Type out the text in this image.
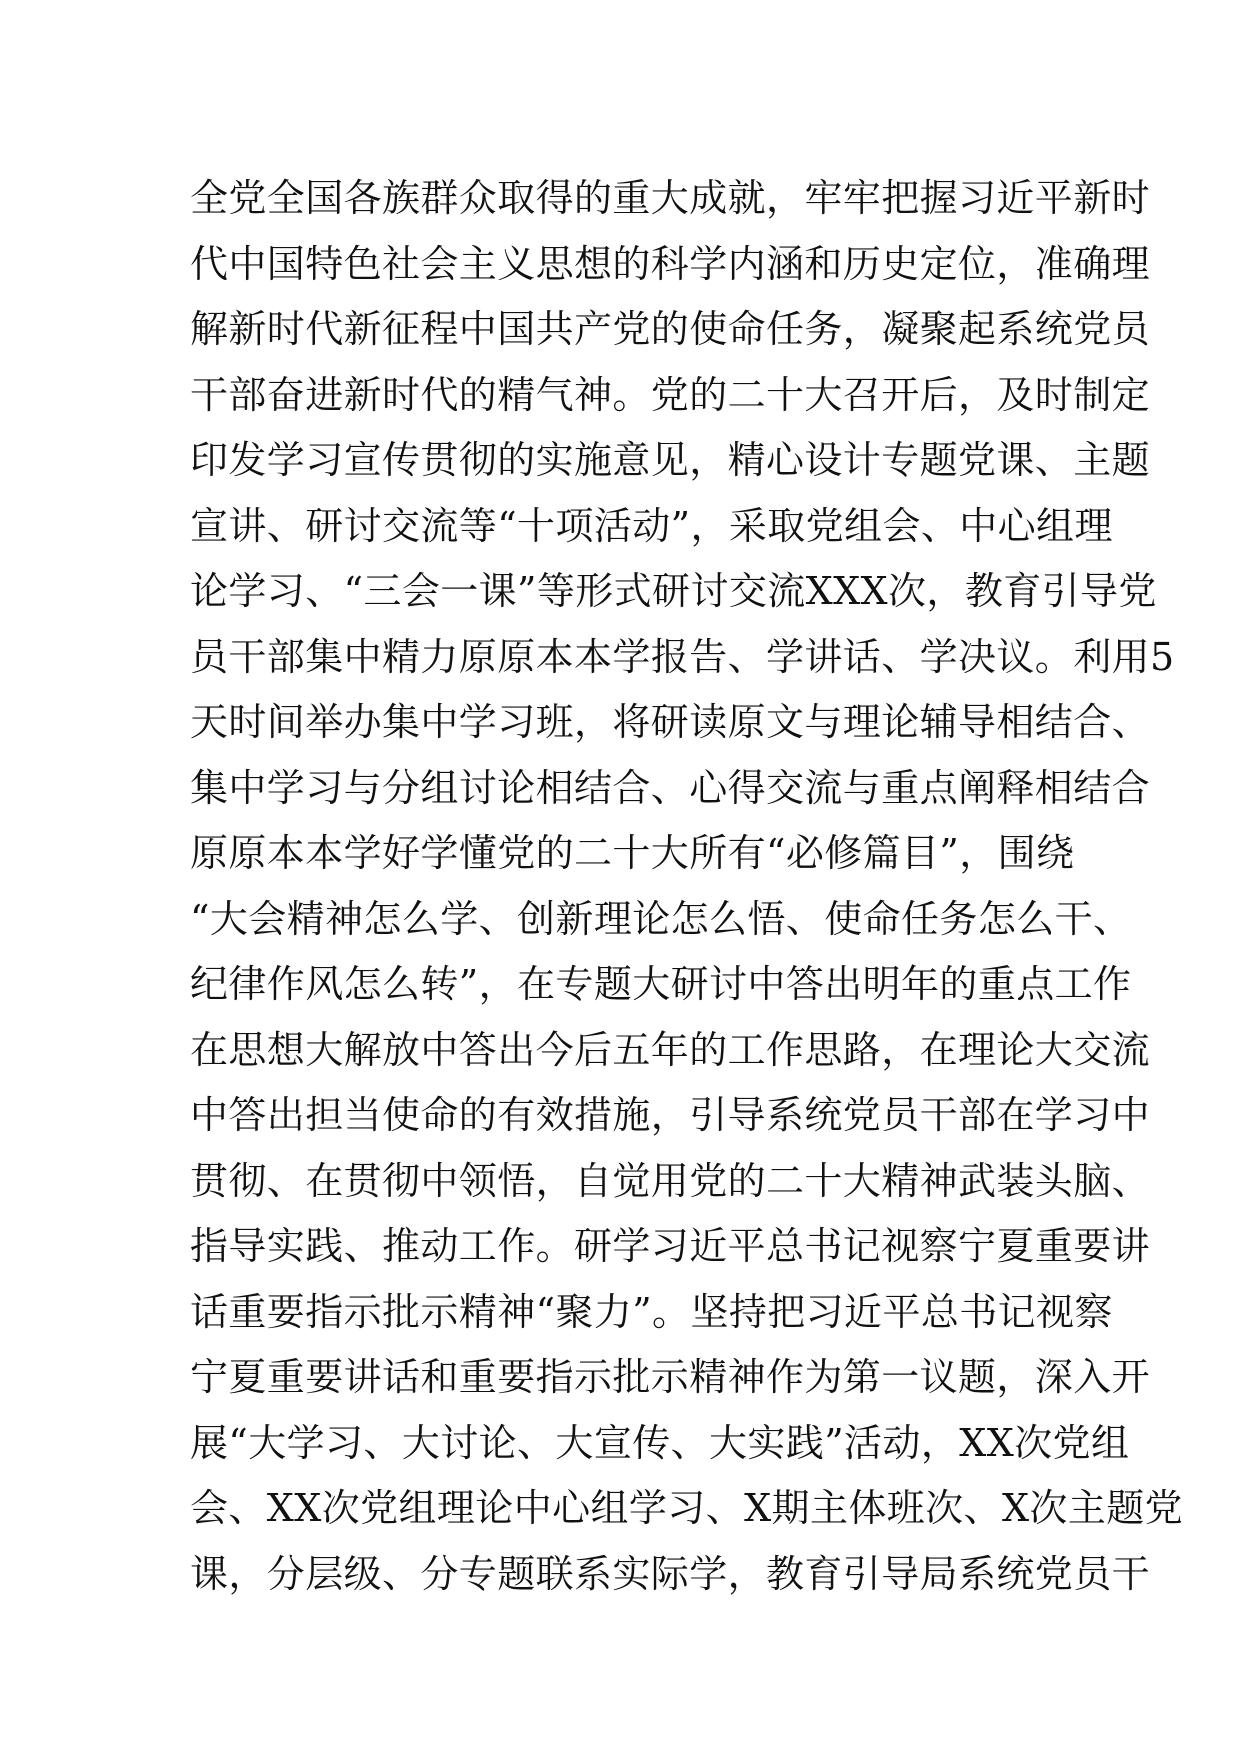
全党全国各族群众取得的重大成就，牢牢把握习近平新时
代中国特色社会主义思想的科学内涵和历史定位，准确理
解新时代新征程中国共产党的使命任务，凝聚起系统党员
干部奋进新时代的精气神。党的二十大召开后，及时制定
印发学习宣传贯彻的实施意见，精心设计专题党课、主题
宣讲、研讨交流等“十项活动”，采取党组会、中心组理
论学习、“三会一课”等形式研讨交流XXX次，教育引导党
员干部集中精力原原本本学报告、学讲话、学决议。利用5
天时间举办集中学习班，将研读原文与理论辅导相结合、
集中学习与分组讨论相结合、心得交流与重点阐释相结合
原原本本学好学懂党的二十大所有“必修篇目”，围绕
“大会精神怎么学、创新理论怎么悟、使命任务怎么干、
纪律作风怎么转”，在专题大研讨中答出明年的重点工作
在思想大解放中答出今后五年的工作思路，在理论大交流
中答出担当使命的有效措施，引导系统党员干部在学习中
贯彻、在贯彻中领悟，自觉用党的二十大精神武装头脑、
指导实践、推动工作。研学习近平总书记视察宁夏重要讲
话重要指示批示精神“聚力”。坚持把习近平总书记视察
宁夏重要讲话和重要指示批示精神作为第一议题，深入开
展“大学习、大讨论、大宣传、大实践”活动，XX次党组
会、XX次党组理论中心组学习、X期主体班次、X次主题党
课，分层级、分专题联系实际学，教育引导局系统党员干
